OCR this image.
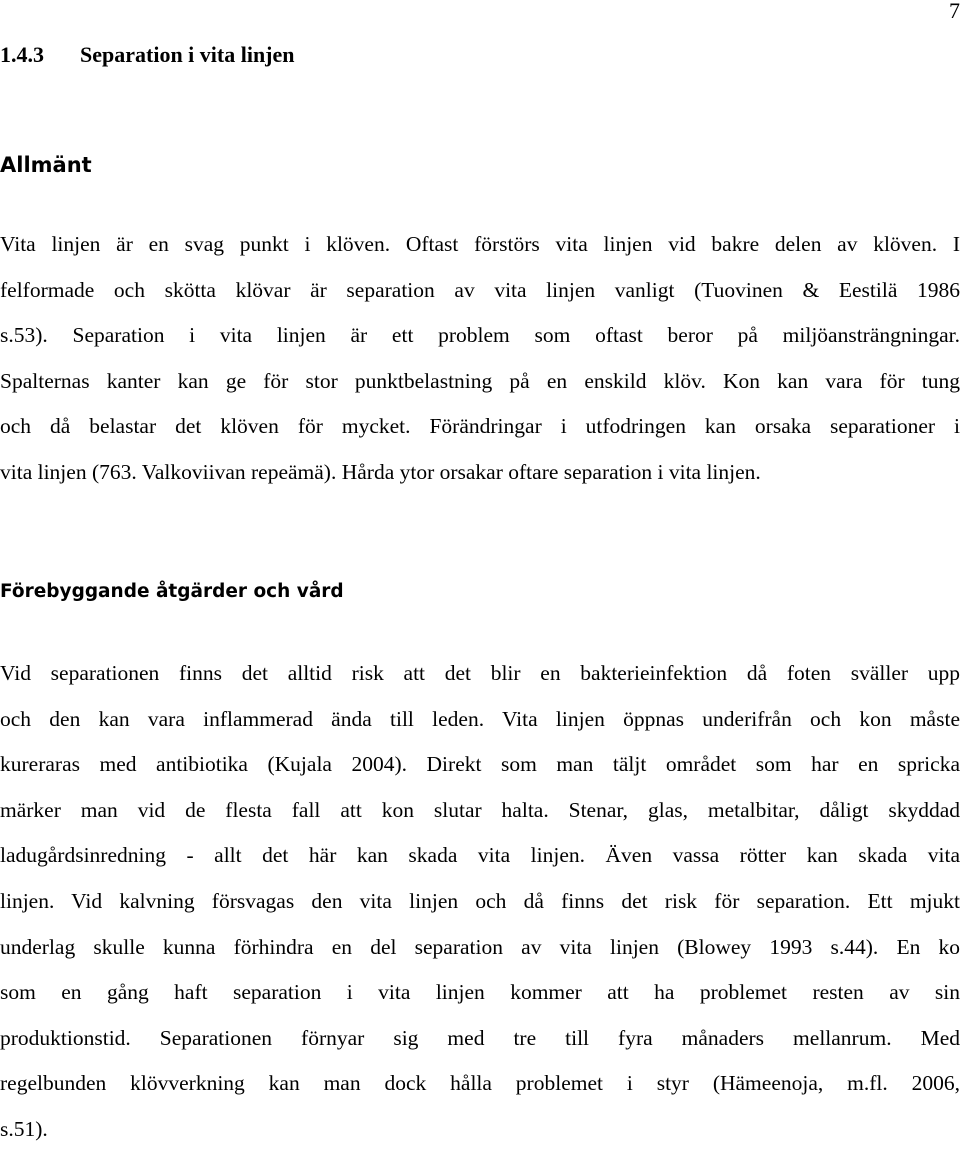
7
1.4.3 Separation i vita linjen
Allmänt
Vita linjen är en svag punkt i klöven. Oftast förstörs vita linjen vid bakre delen av klöven. I
felformade och skötta klövar är separation av vita linjen vanligt (Tuovinen & Eestilä 1986
s.53). Separation i vita linjen är ett problem som oftast beror på miljöansträngningar.
Spalternas kanter kan ge för stor punktbelastning på en enskild klöv. Kon kan vara för tung
och då belastar det klöven för mycket. Förändringar i utfodringen kan orsaka separationer i
vita linjen (763. Valkoviivan repeämä). Hårda ytor orsakar oftare separation i vita linjen.
Förebyggande åtgärder och vård
Vid separationen finns det alltid risk att det blir en bakterieinfektion då foten sväller upp
och den kan vara inflammerad ända till leden. Vita linjen öppnas underifrån och kon måste
kureraras med antibiotika (Kujala 2004). Direkt som man täljt området som har en spricka
märker man vid de flesta fall att kon slutar halta. Stenar, glas, metalbitar, dåligt skyddad
ladugårdsinredning - allt det här kan skada vita linjen. Även vassa rötter kan skada vita
linjen. Vid kalvning försvagas den vita linjen och då finns det risk för separation. Ett mjukt
underlag skulle kunna förhindra en del separation av vita linjen (Blowey 1993 s.44). En ko
som en gång haft separation i vita linjen kommer att ha problemet resten av sin
produktionstid. Separationen förnyar sig med tre till fyra månaders mellanrum. Med
regelbunden klövverkning kan man dock hålla problemet i styr (Hämeenoja, m.fl. 2006,
s.51).
